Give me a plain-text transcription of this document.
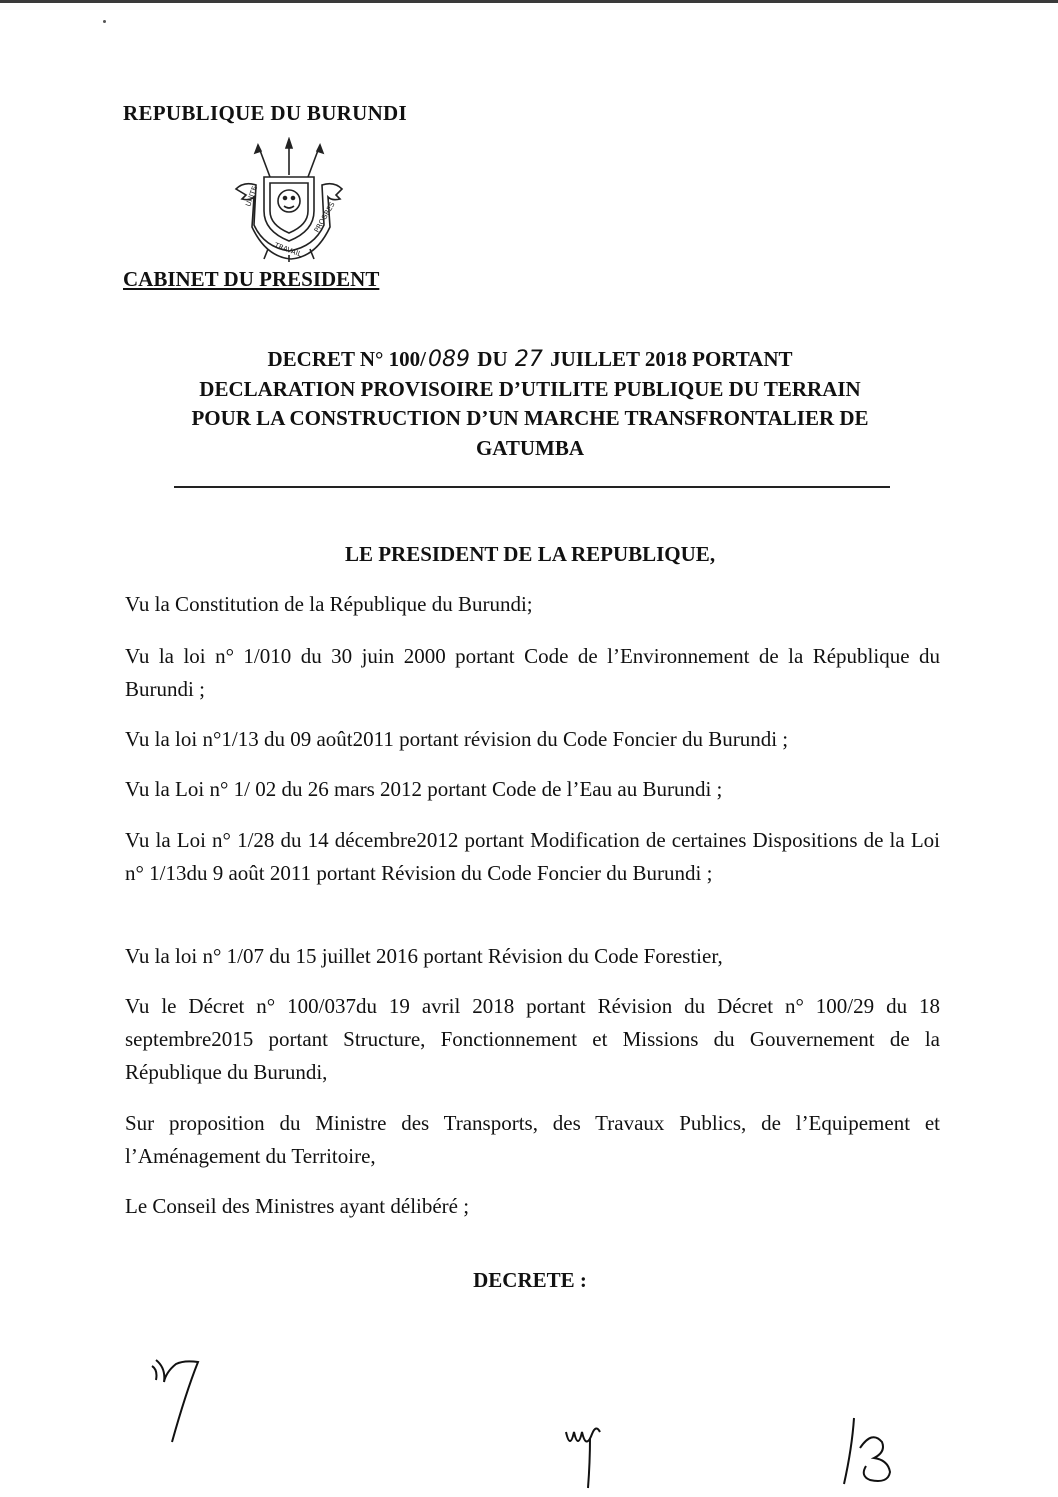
REPUBLIQUE DU BURUNDI
UNITE
TRAVAIL
PROGRES
CABINET DU PRESIDENT
DECRET N° 100/089 DU 27 JUILLET 2018 PORTANT
DECLARATION PROVISOIRE D’UTILITE PUBLIQUE DU TERRAIN
POUR LA CONSTRUCTION D’UN MARCHE TRANSFRONTALIER DE
GATUMBA
LE PRESIDENT DE LA REPUBLIQUE,
Vu la Constitution de la République du Burundi;
Vu la loi n° 1/010 du 30 juin 2000 portant Code de l’Environnement de la République du Burundi ;
Vu la loi n°1/13 du 09 août2011 portant révision du Code Foncier du Burundi ;
Vu la Loi n° 1/ 02 du 26 mars 2012 portant Code de l’Eau au Burundi ;
Vu la Loi n° 1/28 du 14 décembre2012 portant Modification de certaines Dispositions de la Loi n° 1/13du 9 août 2011 portant Révision du Code Foncier du Burundi ;
Vu la loi n° 1/07 du 15 juillet 2016 portant Révision du Code Forestier,
Vu le Décret n° 100/037du 19 avril 2018 portant Révision du Décret n° 100/29 du 18 septembre2015 portant Structure, Fonctionnement et Missions du Gouvernement de la République du Burundi,
Sur proposition du Ministre des Transports, des Travaux Publics, de l’Equipement et l’Aménagement du Territoire,
Le Conseil des Ministres ayant délibéré ;
DECRETE :
